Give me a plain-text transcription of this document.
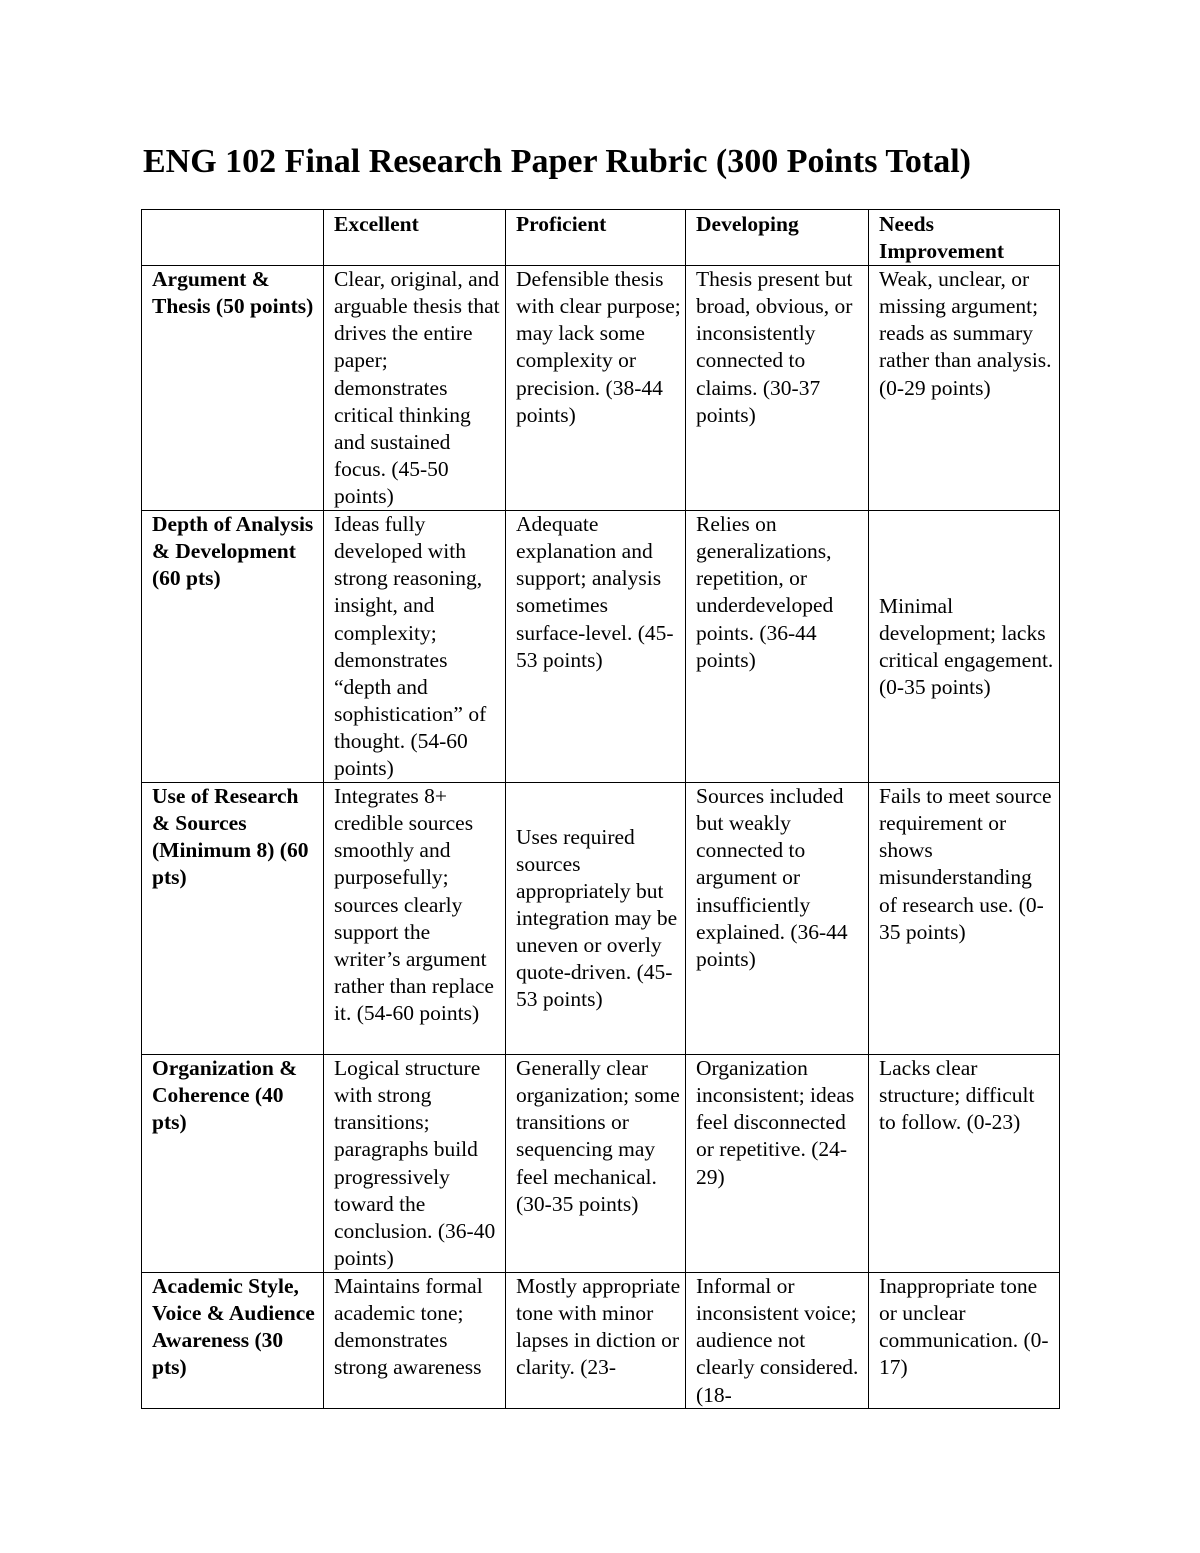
ENG 102 Final Research Paper Rubric (300 Points Total)
	Excellent	Proficient	Developing	Needs Improvement
Argument & Thesis (50 points)	Clear, original, and arguable thesis that drives the entire paper; demonstrates critical thinking and sustained focus. (45-50 points)	Defensible thesis with clear purpose; may lack some complexity or precision. (38-44 points)	Thesis present but broad, obvious, or inconsistently connected to claims. (30-37 points)	Weak, unclear, or missing argument; reads as summary rather than analysis. (0-29 points)
Depth of Analysis & Development (60 pts)	Ideas fully developed with strong reasoning, insight, and complexity; demonstrates “depth and sophistication” of thought. (54-60 points)	Adequate explanation and support; analysis sometimes surface-level. (45-53 points)	Relies on generalizations, repetition, or underdeveloped points. (36-44 points)	Minimal development; lacks critical engagement. (0-35 points)
Use of Research & Sources (Minimum 8) (60 pts)	Integrates 8+ credible sources smoothly and purposefully; sources clearly support the writer’s argument rather than replace it. (54-60 points)	Uses required sources appropriately but integration may be uneven or overly quote-driven. (45-53 points)	Sources included but weakly connected to argument or insufficiently explained. (36-44 points)	Fails to meet source requirement or shows misunderstanding of research use. (0-35 points)
Organization & Coherence (40 pts)	Logical structure with strong transitions; paragraphs build progressively toward the conclusion. (36-40 points)	Generally clear organization; some transitions or sequencing may feel mechanical. (30-35 points)	Organization inconsistent; ideas feel disconnected or repetitive. (24-29)	Lacks clear structure; difficult to follow. (0-23)

Academic Style, Voice & Audience Awareness (30 pts)	Maintains formal academic tone; demonstrates strong awareness	Mostly appropriate tone with minor lapses in diction or clarity. (23-	Informal or inconsistent voice; audience not clearly considered. (18-	Inappropriate tone or unclear communication. (0-17)
